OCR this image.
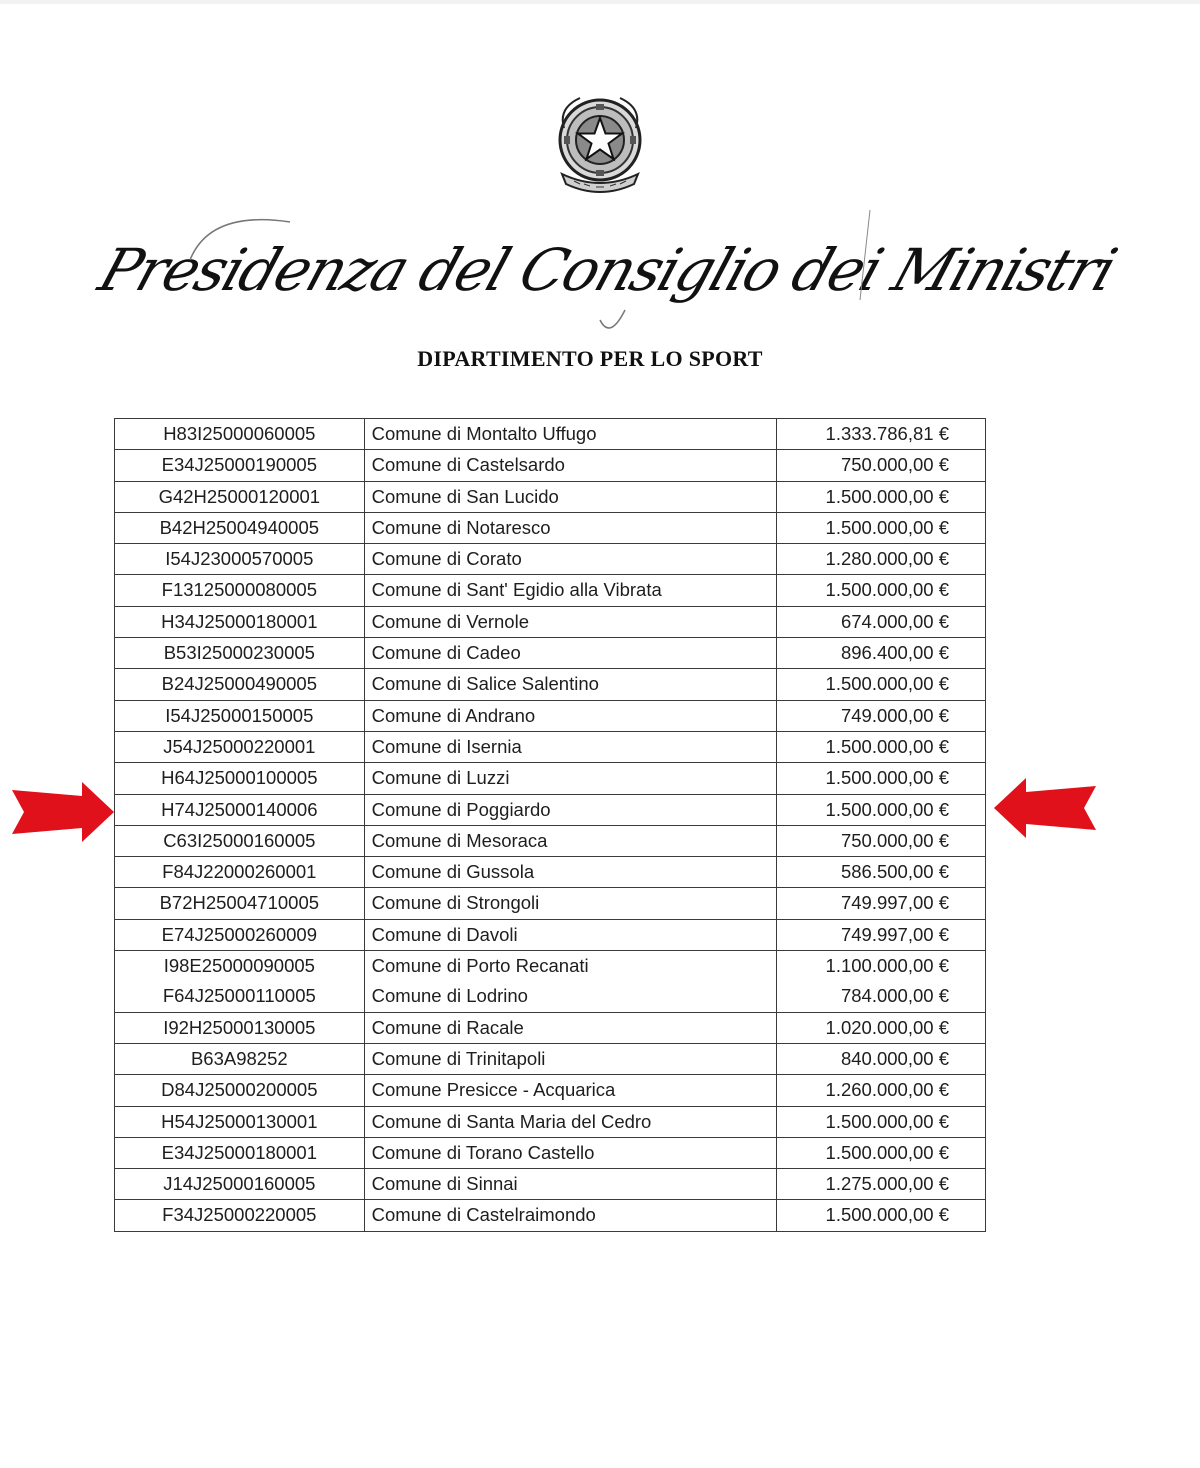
Presidenza del Consiglio dei Ministri
DIPARTIMENTO PER LO SPORT
H83I25000060005	Comune di Montalto Uffugo	1.333.786,81 €
E34J25000190005	Comune di Castelsardo	750.000,00 €
G42H25000120001	Comune di San Lucido	1.500.000,00 €
B42H25004940005	Comune di Notaresco	1.500.000,00 €
I54J23000570005	Comune di Corato	1.280.000,00 €
F13125000080005	Comune di Sant' Egidio alla Vibrata	1.500.000,00 €
H34J25000180001	Comune di Vernole	674.000,00 €
B53I25000230005	Comune di Cadeo	896.400,00 €
B24J25000490005	Comune di Salice Salentino	1.500.000,00 €
I54J25000150005	Comune di Andrano	749.000,00 €
J54J25000220001	Comune di Isernia	1.500.000,00 €
H64J25000100005	Comune di Luzzi	1.500.000,00 €
H74J25000140006	Comune di Poggiardo	1.500.000,00 €
C63I25000160005	Comune di Mesoraca	750.000,00 €
F84J22000260001	Comune di Gussola	586.500,00 €
B72H25004710005	Comune di Strongoli	749.997,00 €
E74J25000260009	Comune di Davoli	749.997,00 €
I98E25000090005	Comune di Porto Recanati	1.100.000,00 €
F64J25000110005	Comune di Lodrino	784.000,00 €
I92H25000130005	Comune di Racale	1.020.000,00 €
B63A98252	Comune di Trinitapoli	840.000,00 €
D84J25000200005	Comune Presicce - Acquarica	1.260.000,00 €
H54J25000130001	Comune di Santa Maria del Cedro	1.500.000,00 €
E34J25000180001	Comune di Torano Castello	1.500.000,00 €
J14J25000160005	Comune di Sinnai	1.275.000,00 €
F34J25000220005	Comune di Castelraimondo	1.500.000,00 €
